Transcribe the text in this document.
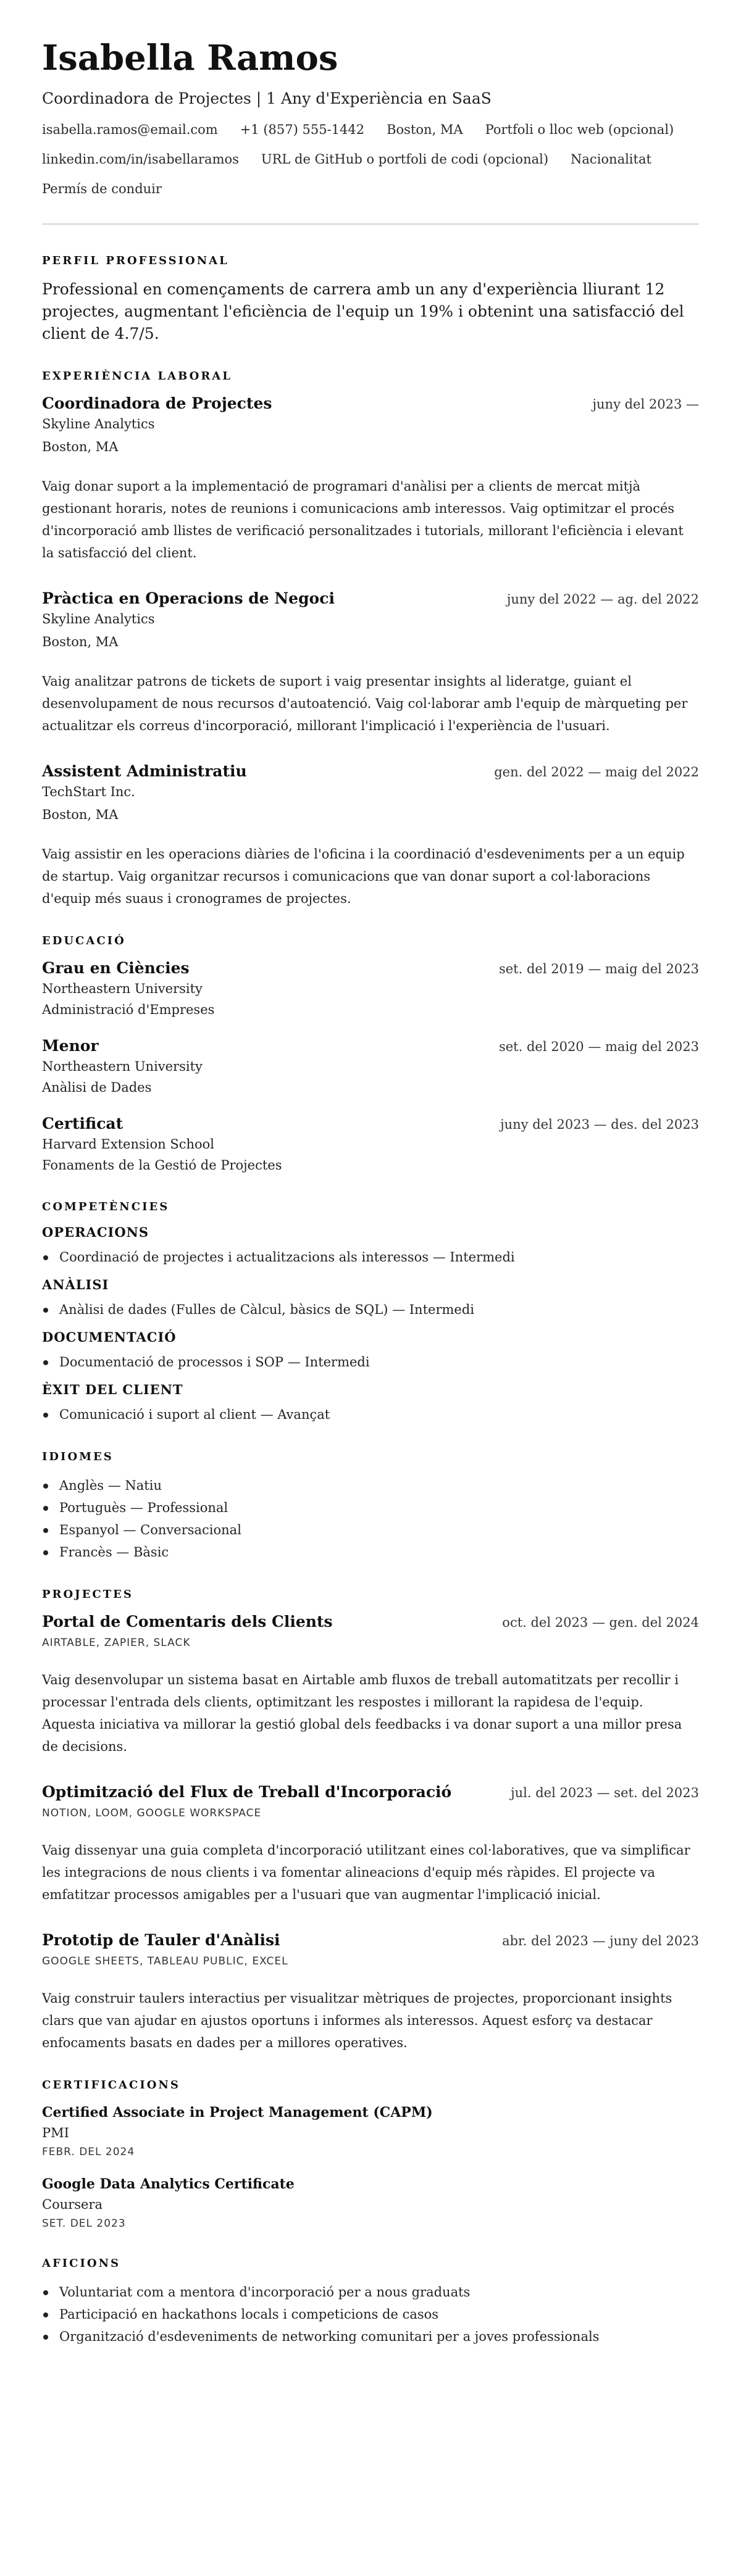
Isabella Ramos
Coordinadora de Projectes | 1 Any d'Experiència en SaaS
isabella.ramos@email.com +1 (857) 555-1442 Boston, MA Portfoli o lloc web (opcional)
linkedin.com/in/isabellaramos URL de GitHub o portfoli de codi (opcional) Nacionalitat
Permís de conduir
PERFIL PROFESSIONAL

Professional en començaments de carrera amb un any d'experiència lliurant 12 projectes, augmentant l'eficiència de l'equip un 19% i obtenint una satisfacció del client de 4.7/5.

EXPERIÈNCIA LABORAL
Coordinadora de Projectes	juny del 2023 —
Skyline Analytics
Boston, MA

Vaig donar suport a la implementació de programari d'anàlisi per a clients de mercat mitjà gestionant horaris, notes de reunions i comunicacions amb interessos. Vaig optimitzar el procés d'incorporació amb llistes de verificació personalitzades i tutorials, millorant l'eficiència i elevant la satisfacció del client.

Pràctica en Operacions de Negoci	juny del 2022 — ag. del 2022
Skyline Analytics
Boston, MA

Vaig analitzar patrons de tickets de suport i vaig presentar insights al lideratge, guiant el desenvolupament de nous recursos d'autoatenció. Vaig col·laborar amb l'equip de màrqueting per actualitzar els correus d'incorporació, millorant l'implicació i l'experiència de l'usuari.

Assistent Administratiu	gen. del 2022 — maig del 2022
TechStart Inc.
Boston, MA

Vaig assistir en les operacions diàries de l'oficina i la coordinació d'esdeveniments per a un equip de startup. Vaig organitzar recursos i comunicacions que van donar suport a col·laboracions d'equip més suaus i cronogrames de projectes.

EDUCACIÓ
Grau en Ciències	set. del 2019 — maig del 2023
Northeastern University
Administració d'Empreses
Menor	set. del 2020 — maig del 2023
Northeastern University
Anàlisi de Dades
Certificat	juny del 2023 — des. del 2023
Harvard Extension School
Fonaments de la Gestió de Projectes
COMPETÈNCIES
OPERACIONS
Coordinació de projectes i actualitzacions als interessos — Intermedi
ANÀLISI
Anàlisi de dades (Fulles de Càlcul, bàsics de SQL) — Intermedi
DOCUMENTACIÓ
Documentació de processos i SOP — Intermedi
ÈXIT DEL CLIENT
Comunicació i suport al client — Avançat
IDIOMES
Anglès — Natiu
Portuguès — Professional
Espanyol — Conversacional
Francès — Bàsic
PROJECTES
Portal de Comentaris dels Clients	oct. del 2023 — gen. del 2024
AIRTABLE, ZAPIER, SLACK

Vaig desenvolupar un sistema basat en Airtable amb fluxos de treball automatitzats per recollir i processar l'entrada dels clients, optimitzant les respostes i millorant la rapidesa de l'equip. Aquesta iniciativa va millorar la gestió global dels feedbacks i va donar suport a una millor presa de decisions.

Optimització del Flux de Treball d'Incorporació	jul. del 2023 — set. del 2023
NOTION, LOOM, GOOGLE WORKSPACE

Vaig dissenyar una guia completa d'incorporació utilitzant eines col·laboratives, que va simplificar les integracions de nous clients i va fomentar alineacions d'equip més ràpides. El projecte va emfatitzar processos amigables per a l'usuari que van augmentar l'implicació inicial.

Prototip de Tauler d'Anàlisi	abr. del 2023 — juny del 2023
GOOGLE SHEETS, TABLEAU PUBLIC, EXCEL

Vaig construir taulers interactius per visualitzar mètriques de projectes, proporcionant insights clars que van ajudar en ajustos oportuns i informes als interessos. Aquest esforç va destacar enfocaments basats en dades per a millores operatives.

CERTIFICACIONS
Certified Associate in Project Management (CAPM)
PMI
FEBR. DEL 2024
Google Data Analytics Certificate
Coursera
SET. DEL 2023
AFICIONS
Voluntariat com a mentora d'incorporació per a nous graduats
Participació en hackathons locals i competicions de casos
Organització d'esdeveniments de networking comunitari per a joves professionals
